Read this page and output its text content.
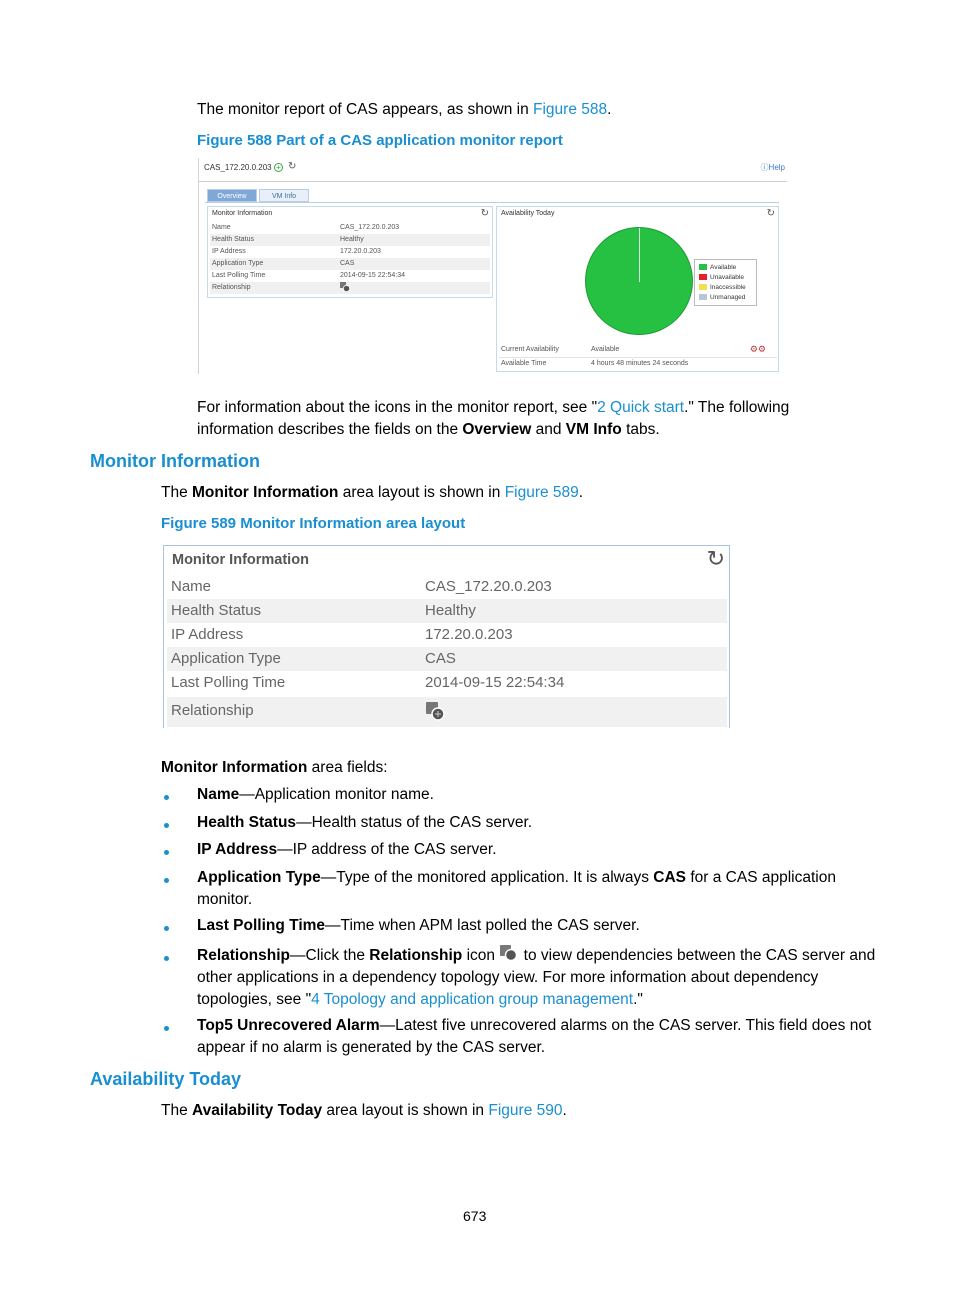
The monitor report of CAS appears, as shown in Figure 588.
Figure 588 Part of a CAS application monitor report
CAS_172.20.0.203 + ↻	ⓘHelp
Overview	VM Info
Monitor Information	↻
Name	CAS_172.20.0.203
Health Status	Healthy
IP Address	172.20.0.203
Application Type	CAS
Last Polling Time	2014-09-15 22:54:34
Relationship
Availability Today	↻
Available
Unavailable
Inaccessible
Unmanaged
Current Availability	Available	⚙⚙
Available Time	4 hours 48 minutes 24 seconds
For information about the icons in the monitor report, see "2 Quick start." The following
information describes the fields on the Overview and VM Info tabs.
Monitor Information
The Monitor Information area layout is shown in Figure 589.
Figure 589 Monitor Information area layout
Monitor Information	↻
Name	CAS_172.20.0.203
Health Status	Healthy
IP Address	172.20.0.203
Application Type	CAS
Last Polling Time	2014-09-15 22:54:34
Relationship
Monitor Information area fields:
Name—Application monitor name.
Health Status—Health status of the CAS server.
IP Address—IP address of the CAS server.
Application Type—Type of the monitored application. It is always CAS for a CAS application
monitor.
Last Polling Time—Time when APM last polled the CAS server.
Relationship—Click the Relationship icon  to view dependencies between the CAS server and
other applications in a dependency topology view. For more information about dependency
topologies, see "4 Topology and application group management."
Top5 Unrecovered Alarm—Latest five unrecovered alarms on the CAS server. This field does not
appear if no alarm is generated by the CAS server.
Availability Today
The Availability Today area layout is shown in Figure 590.
673
